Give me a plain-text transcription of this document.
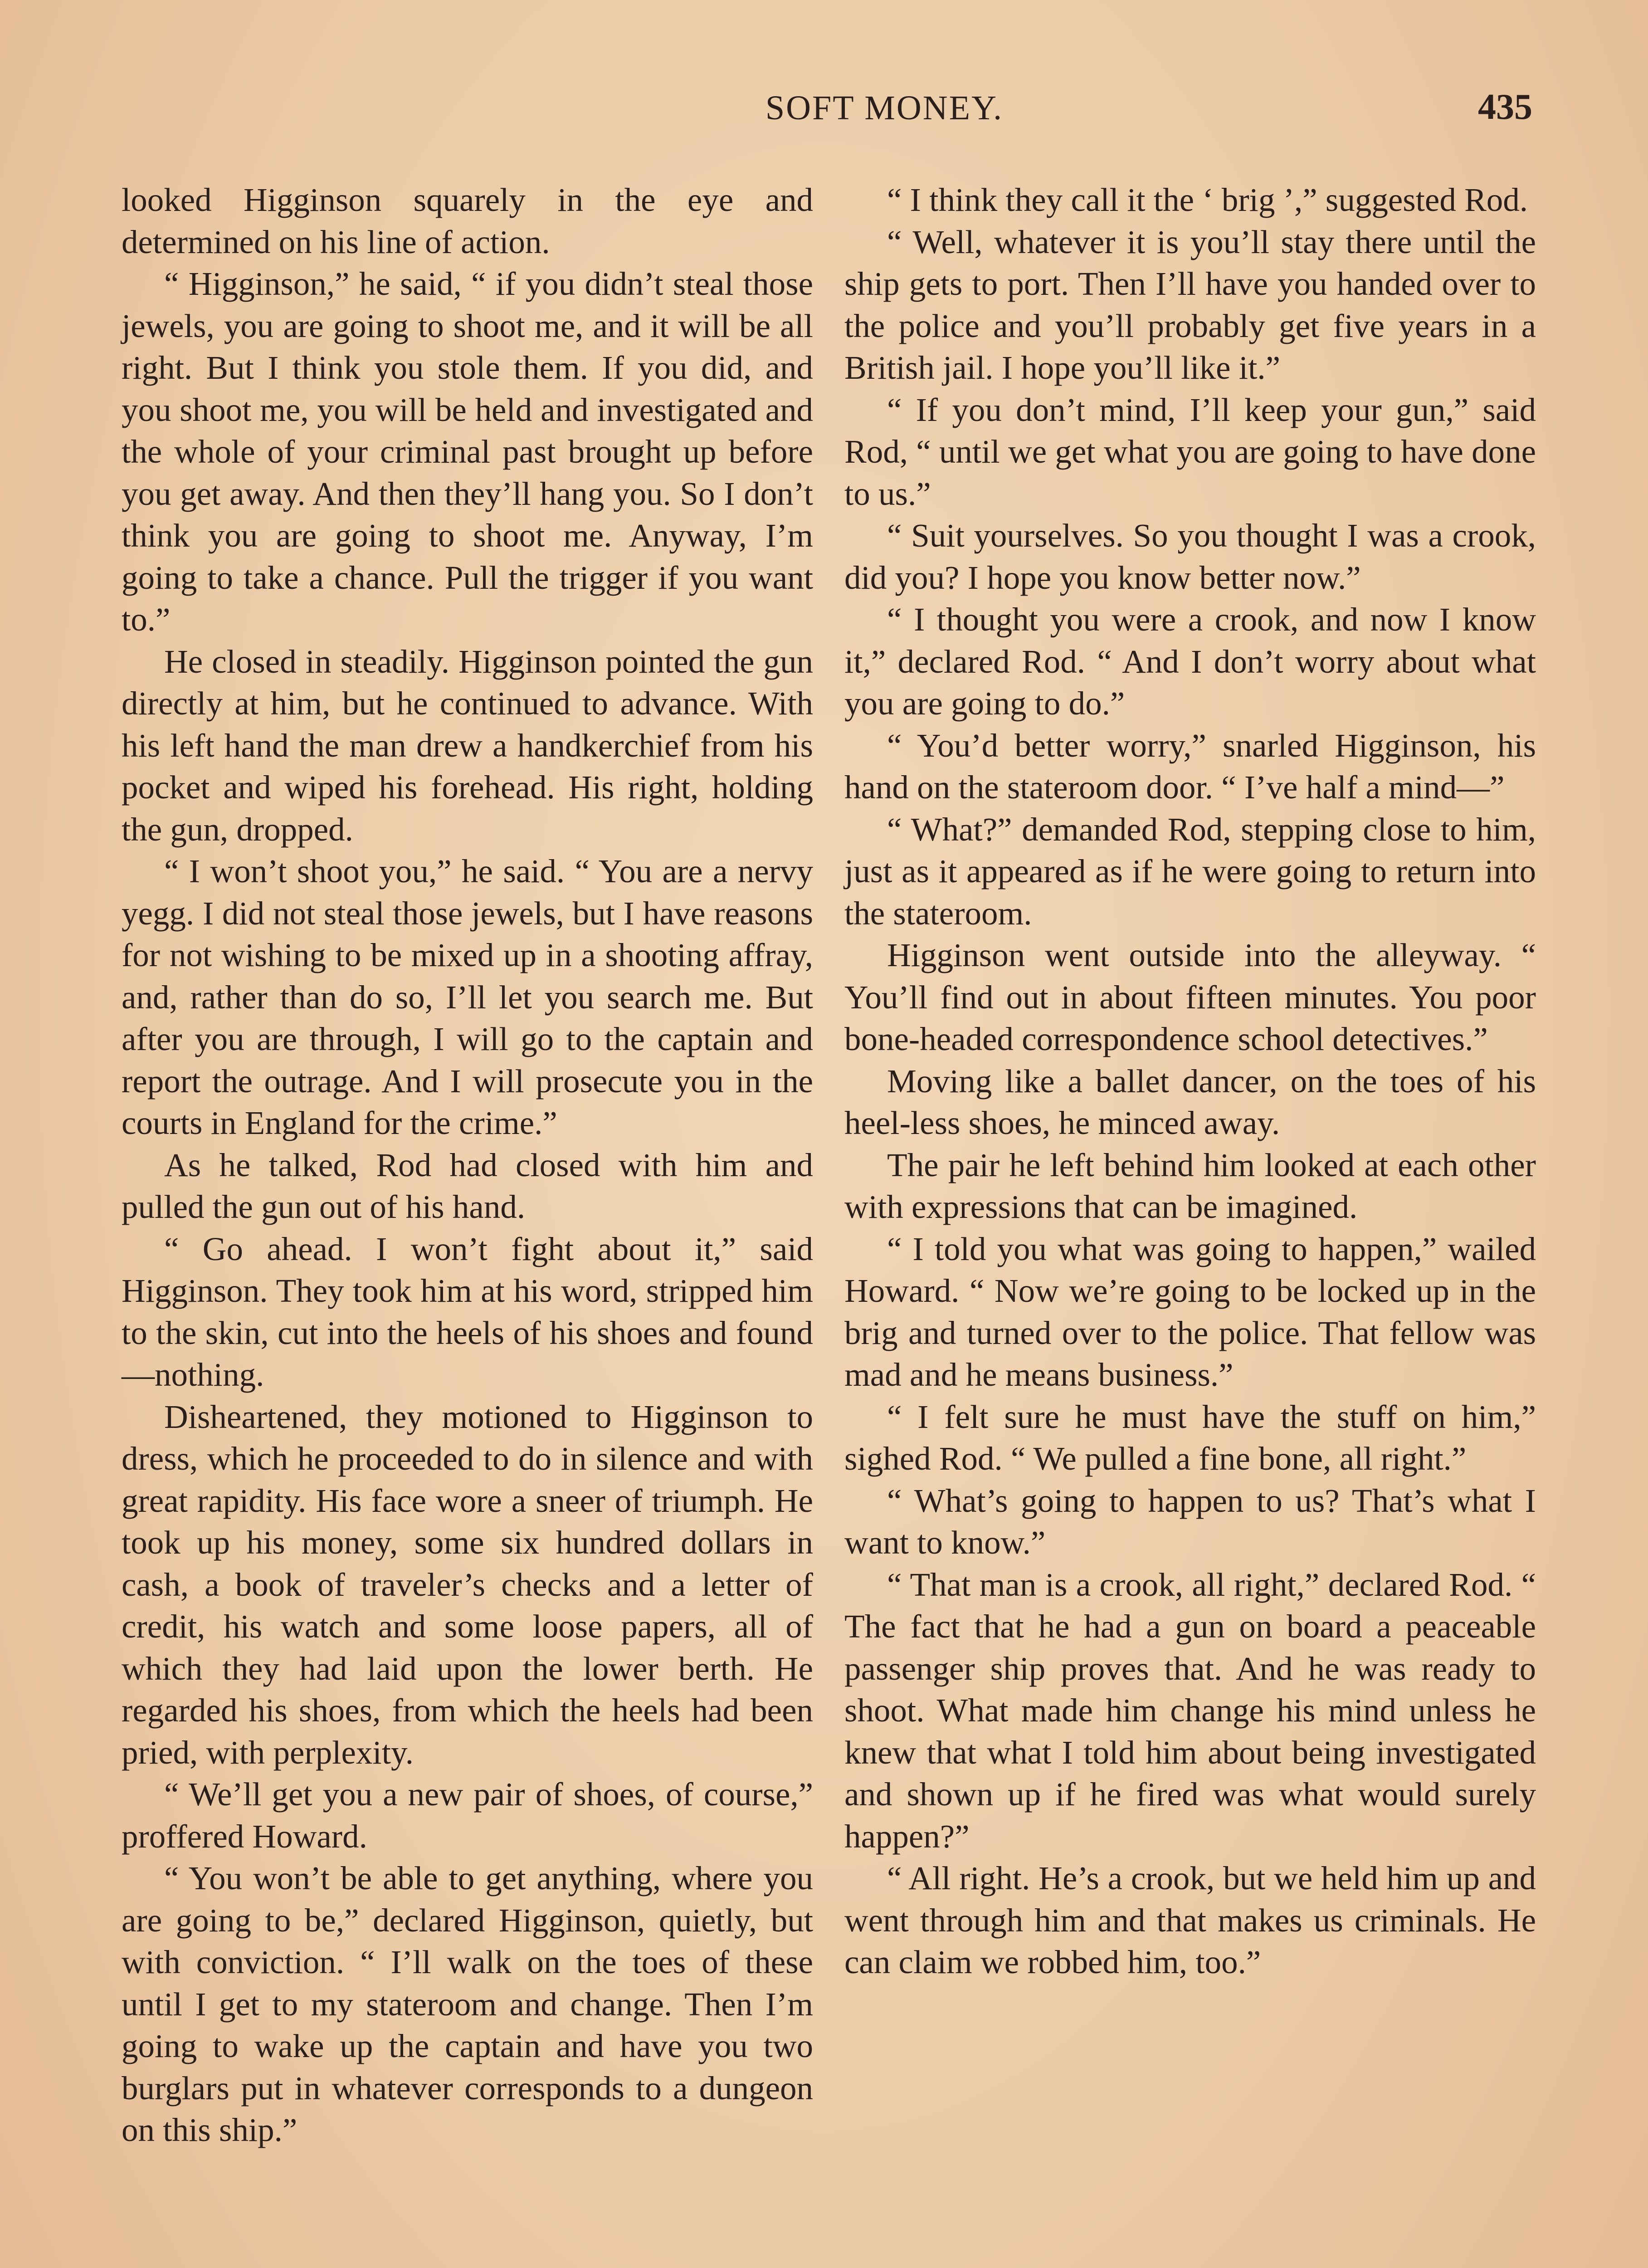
SOFT MONEY.	435

looked Higginson squarely in the eye and determined on his line of action.

“ Higginson,” he said, “ if you didn’t steal those jewels, you are going to shoot me, and it will be all right. But I think you stole them. If you did, and you shoot me, you will be held and investigated and the whole of your criminal past brought up before you get away. And then they’ll hang you. So I don’t think you are going to shoot me. Anyway, I’m going to take a chance. Pull the trigger if you want to.”

He closed in steadily. Higginson pointed the gun directly at him, but he continued to advance. With his left hand the man drew a handkerchief from his pocket and wiped his forehead. His right, holding the gun, dropped.

“ I won’t shoot you,” he said. “ You are a nervy yegg. I did not steal those jewels, but I have reasons for not wishing to be mixed up in a shooting affray, and, rather than do so, I’ll let you search me. But after you are through, I will go to the captain and report the outrage. And I will prosecute you in the courts in England for the crime.”

As he talked, Rod had closed with him and pulled the gun out of his hand.

“ Go ahead. I won’t fight about it,” said Higginson. They took him at his word, stripped him to the skin, cut into the heels of his shoes and found—nothing.

Disheartened, they motioned to Higginson to dress, which he proceeded to do in silence and with great rapidity. His face wore a sneer of triumph. He took up his money, some six hundred dollars in cash, a book of traveler’s checks and a letter of credit, his watch and some loose papers, all of which they had laid upon the lower berth. He regarded his shoes, from which the heels had been pried, with perplexity.

“ We’ll get you a new pair of shoes, of course,” proffered Howard.

“ You won’t be able to get anything, where you are going to be,” declared Higginson, quietly, but with conviction. “ I’ll walk on the toes of these until I get to my stateroom and change. Then I’m going to wake up the captain and have you two burglars put in whatever corresponds to a dungeon on this ship.”

“ I think they call it the ‘ brig ’,” suggested Rod.

“ Well, whatever it is you’ll stay there until the ship gets to port. Then I’ll have you handed over to the police and you’ll probably get five years in a British jail. I hope you’ll like it.”

“ If you don’t mind, I’ll keep your gun,” said Rod, “ until we get what you are going to have done to us.”

“ Suit yourselves. So you thought I was a crook, did you? I hope you know better now.”

“ I thought you were a crook, and now I know it,” declared Rod. “ And I don’t worry about what you are going to do.”

“ You’d better worry,” snarled Higginson, his hand on the stateroom door. “ I’ve half a mind—”

“ What?” demanded Rod, stepping close to him, just as it appeared as if he were going to return into the stateroom.

Higginson went outside into the alleyway. “ You’ll find out in about fifteen minutes. You poor bone-headed correspondence school detectives.”

Moving like a ballet dancer, on the toes of his heel-less shoes, he minced away.

The pair he left behind him looked at each other with expressions that can be imagined.

“ I told you what was going to happen,” wailed Howard. “ Now we’re going to be locked up in the brig and turned over to the police. That fellow was mad and he means business.”

“ I felt sure he must have the stuff on him,” sighed Rod. “ We pulled a fine bone, all right.”

“ What’s going to happen to us? That’s what I want to know.”

“ That man is a crook, all right,” declared Rod. “ The fact that he had a gun on board a peaceable passenger ship proves that. And he was ready to shoot. What made him change his mind unless he knew that what I told him about being investigated and shown up if he fired was what would surely happen?”

“ All right. He’s a crook, but we held him up and went through him and that makes us criminals. He can claim we robbed him, too.”
